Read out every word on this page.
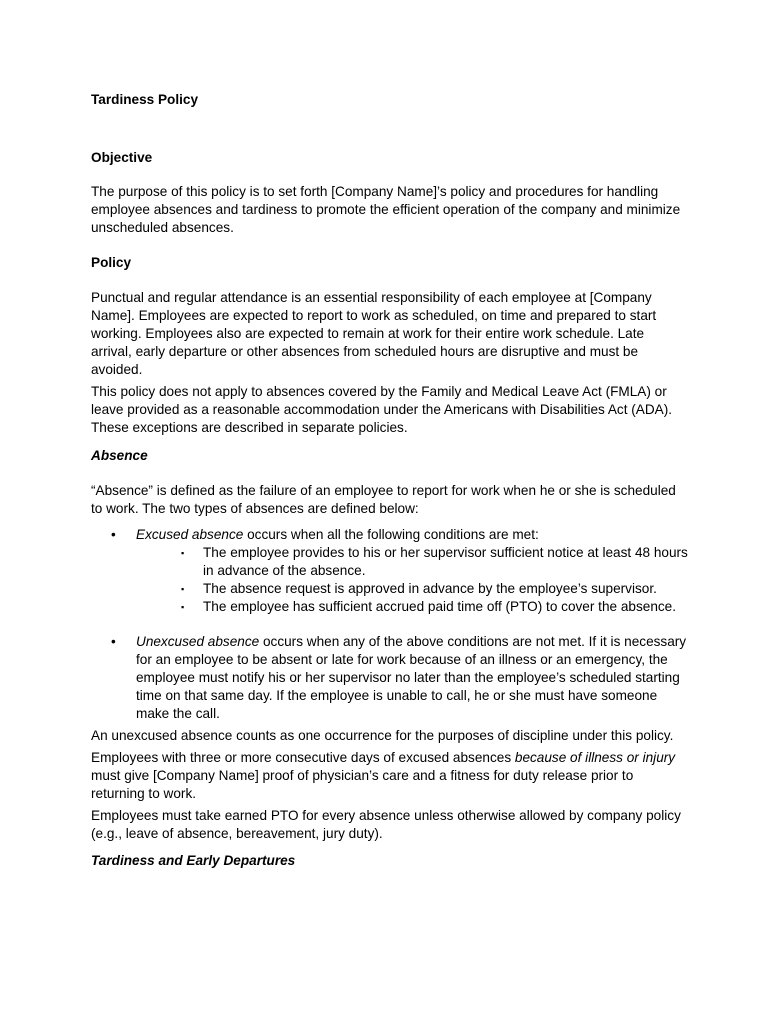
Tardiness Policy

Objective

The purpose of this policy is to set forth [Company Name]’s policy and procedures for handling employee absences and tardiness to promote the efficient operation of the company and minimize unscheduled absences.

Policy

Punctual and regular attendance is an essential responsibility of each employee at [Company Name]. Employees are expected to report to work as scheduled, on time and prepared to start working. Employees also are expected to remain at work for their entire work schedule. Late arrival, early departure or other absences from scheduled hours are disruptive and must be avoided.

This policy does not apply to absences covered by the Family and Medical Leave Act (FMLA) or leave provided as a reasonable accommodation under the Americans with Disabilities Act (ADA). These exceptions are described in separate policies.

Absence

“Absence” is defined as the failure of an employee to report for work when he or she is scheduled to work. The two types of absences are defined below:

• Excused absence occurs when all the following conditions are met:
▪ The employee provides to his or her supervisor sufficient notice at least 48 hours in advance of the absence.
▪ The absence request is approved in advance by the employee’s supervisor.
▪ The employee has sufficient accrued paid time off (PTO) to cover the absence.
• Unexcused absence occurs when any of the above conditions are not met. If it is necessary for an employee to be absent or late for work because of an illness or an emergency, the employee must notify his or her supervisor no later than the employee’s scheduled starting time on that same day. If the employee is unable to call, he or she must have someone make the call.

An unexcused absence counts as one occurrence for the purposes of discipline under this policy.

Employees with three or more consecutive days of excused absences because of illness or injury must give [Company Name] proof of physician’s care and a fitness for duty release prior to returning to work.

Employees must take earned PTO for every absence unless otherwise allowed by company policy (e.g., leave of absence, bereavement, jury duty).

Tardiness and Early Departures
